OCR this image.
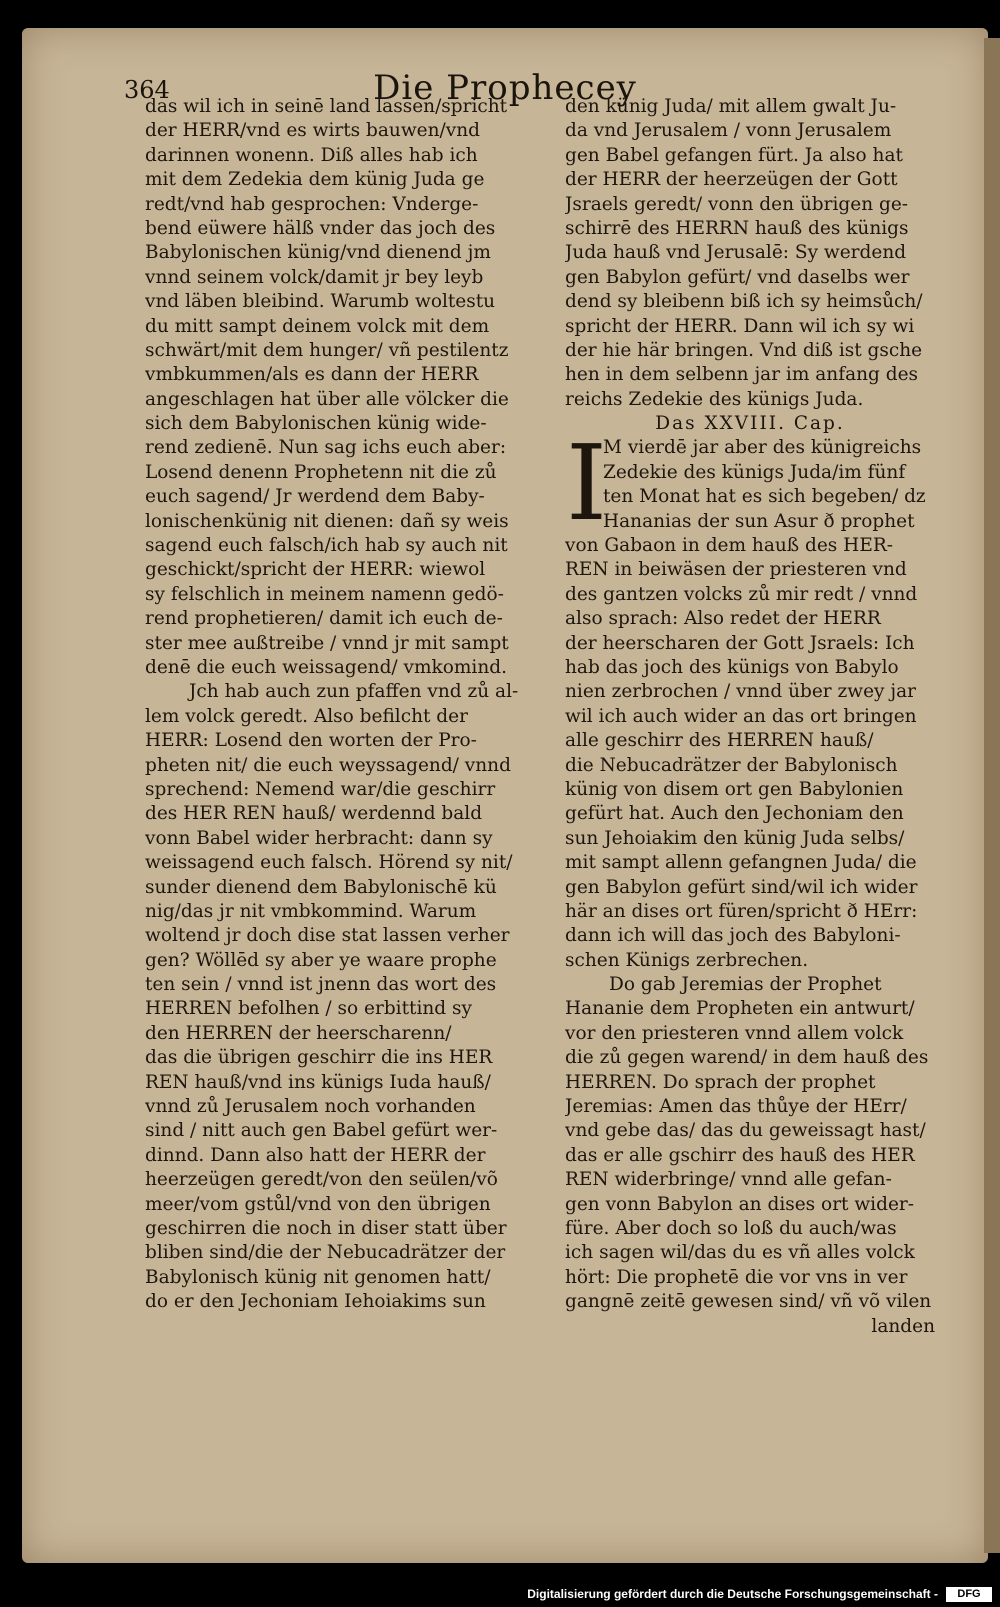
364	Die Prophecey
das wil ich in seinē land lassen/spricht
der HERR/vnd es wirts bauwen/vnd
darinnen wonenn. Diß alles hab ich
mit dem Zedekia dem künig Juda ge
redt/vnd hab gesprochen: Vnderge-
bend eüwere hälß vnder das joch des
Babylonischen künig/vnd dienend jm
vnnd seinem volck/damit jr bey leyb
vnd läben bleibind. Warumb woltestu
du mitt sampt deinem volck mit dem
schwärt/mit dem hunger/ vñ pestilentz
vmbkummen/als es dann der HERR
angeschlagen hat über alle völcker die
sich dem Babylonischen künig wide-
rend zedienē. Nun sag ichs euch aber:
Losend denenn Prophetenn nit die zů
euch sagend/ Jr werdend dem Baby-
lonischenkünig nit dienen: dañ sy weis
sagend euch falsch/ich hab sy auch nit
geschickt/spricht der HERR: wiewol
sy felschlich in meinem namenn gedö-
rend prophetieren/ damit ich euch de-
ster mee außtreibe / vnnd jr mit sampt
denē die euch weissagend/ vmkomind.
Jch hab auch zun pfaffen vnd zů al-
lem volck geredt. Also befilcht der
HERR: Losend den worten der Pro-
pheten nit/ die euch weyssagend/ vnnd
sprechend: Nemend war/die geschirr
des HER REN hauß/ werdennd bald
vonn Babel wider herbracht: dann sy
weissagend euch falsch. Hörend sy nit/
sunder dienend dem Babylonischē kü
nig/das jr nit vmbkommind. Warum
woltend jr doch dise stat lassen verher
gen? Wöllēd sy aber ye waare prophe
ten sein / vnnd ist jnenn das wort des
HERREN befolhen / so erbittind sy
den HERREN der heerscharenn/
das die übrigen geschirr die ins HER
REN hauß/vnd ins künigs Iuda hauß/
vnnd zů Jerusalem noch vorhanden
sind / nitt auch gen Babel gefürt wer-
dinnd. Dann also hatt der HERR der
heerzeügen geredt/von den seülen/võ
meer/vom gstůl/vnd von den übrigen
geschirren die noch in diser statt über
bliben sind/die der Nebucadrätzer der
Babylonisch künig nit genomen hatt/
do er den Jechoniam Iehoiakims sun
den künig Juda/ mit allem gwalt Ju-
da vnd Jerusalem / vonn Jerusalem
gen Babel gefangen fürt. Ja also hat
der HERR der heerzeügen der Gott
Jsraels geredt/ vonn den übrigen ge-
schirrē des HERRN hauß des künigs
Juda hauß vnd Jerusalē: Sy werdend
gen Babylon gefürt/ vnd daselbs wer
dend sy bleibenn biß ich sy heimsůch/
spricht der HERR. Dann wil ich sy wi
der hie här bringen. Vnd diß ist gsche
hen in dem selbenn jar im anfang des
reichs Zedekie des künigs Juda.
Das XXVIII. Cap.
M vierdē jar aber des künigreichs
Zedekie des künigs Juda/im fünf
ten Monat hat es sich begeben/ dz
Hananias der sun Asur ð prophet
von Gabaon in dem hauß des HER-
REN in beiwäsen der priesteren vnd
des gantzen volcks zů mir redt / vnnd
also sprach: Also redet der HERR
der heerscharen der Gott Jsraels: Ich
hab das joch des künigs von Babylo
nien zerbrochen / vnnd über zwey jar
wil ich auch wider an das ort bringen
alle geschirr des HERREN hauß/
die Nebucadrätzer der Babylonisch
künig von disem ort gen Babylonien
gefürt hat. Auch den Jechoniam den
sun Jehoiakim den künig Juda selbs/
mit sampt allenn gefangnen Juda/ die
gen Babylon gefürt sind/wil ich wider
här an dises ort füren/spricht ð HErr:
dann ich will das joch des Babyloni-
schen Künigs zerbrechen.
Do gab Jeremias der Prophet
Hananie dem Propheten ein antwurt/
vor den priesteren vnnd allem volck
die zů gegen warend/ in dem hauß des
HERREN. Do sprach der prophet
Jeremias: Amen das thůye der HErr/
vnd gebe das/ das du geweissagt hast/
das er alle gschirr des hauß des HER
REN widerbringe/ vnnd alle gefan-
gen vonn Babylon an dises ort wider-
füre. Aber doch so loß du auch/was
ich sagen wil/das du es vñ alles volck
hört: Die prophetē die vor vns in ver
gangnē zeitē gewesen sind/ vñ võ vilen
landen
I
Digitalisierung gefördert durch die Deutsche Forschungsgemeinschaft -	DFG
